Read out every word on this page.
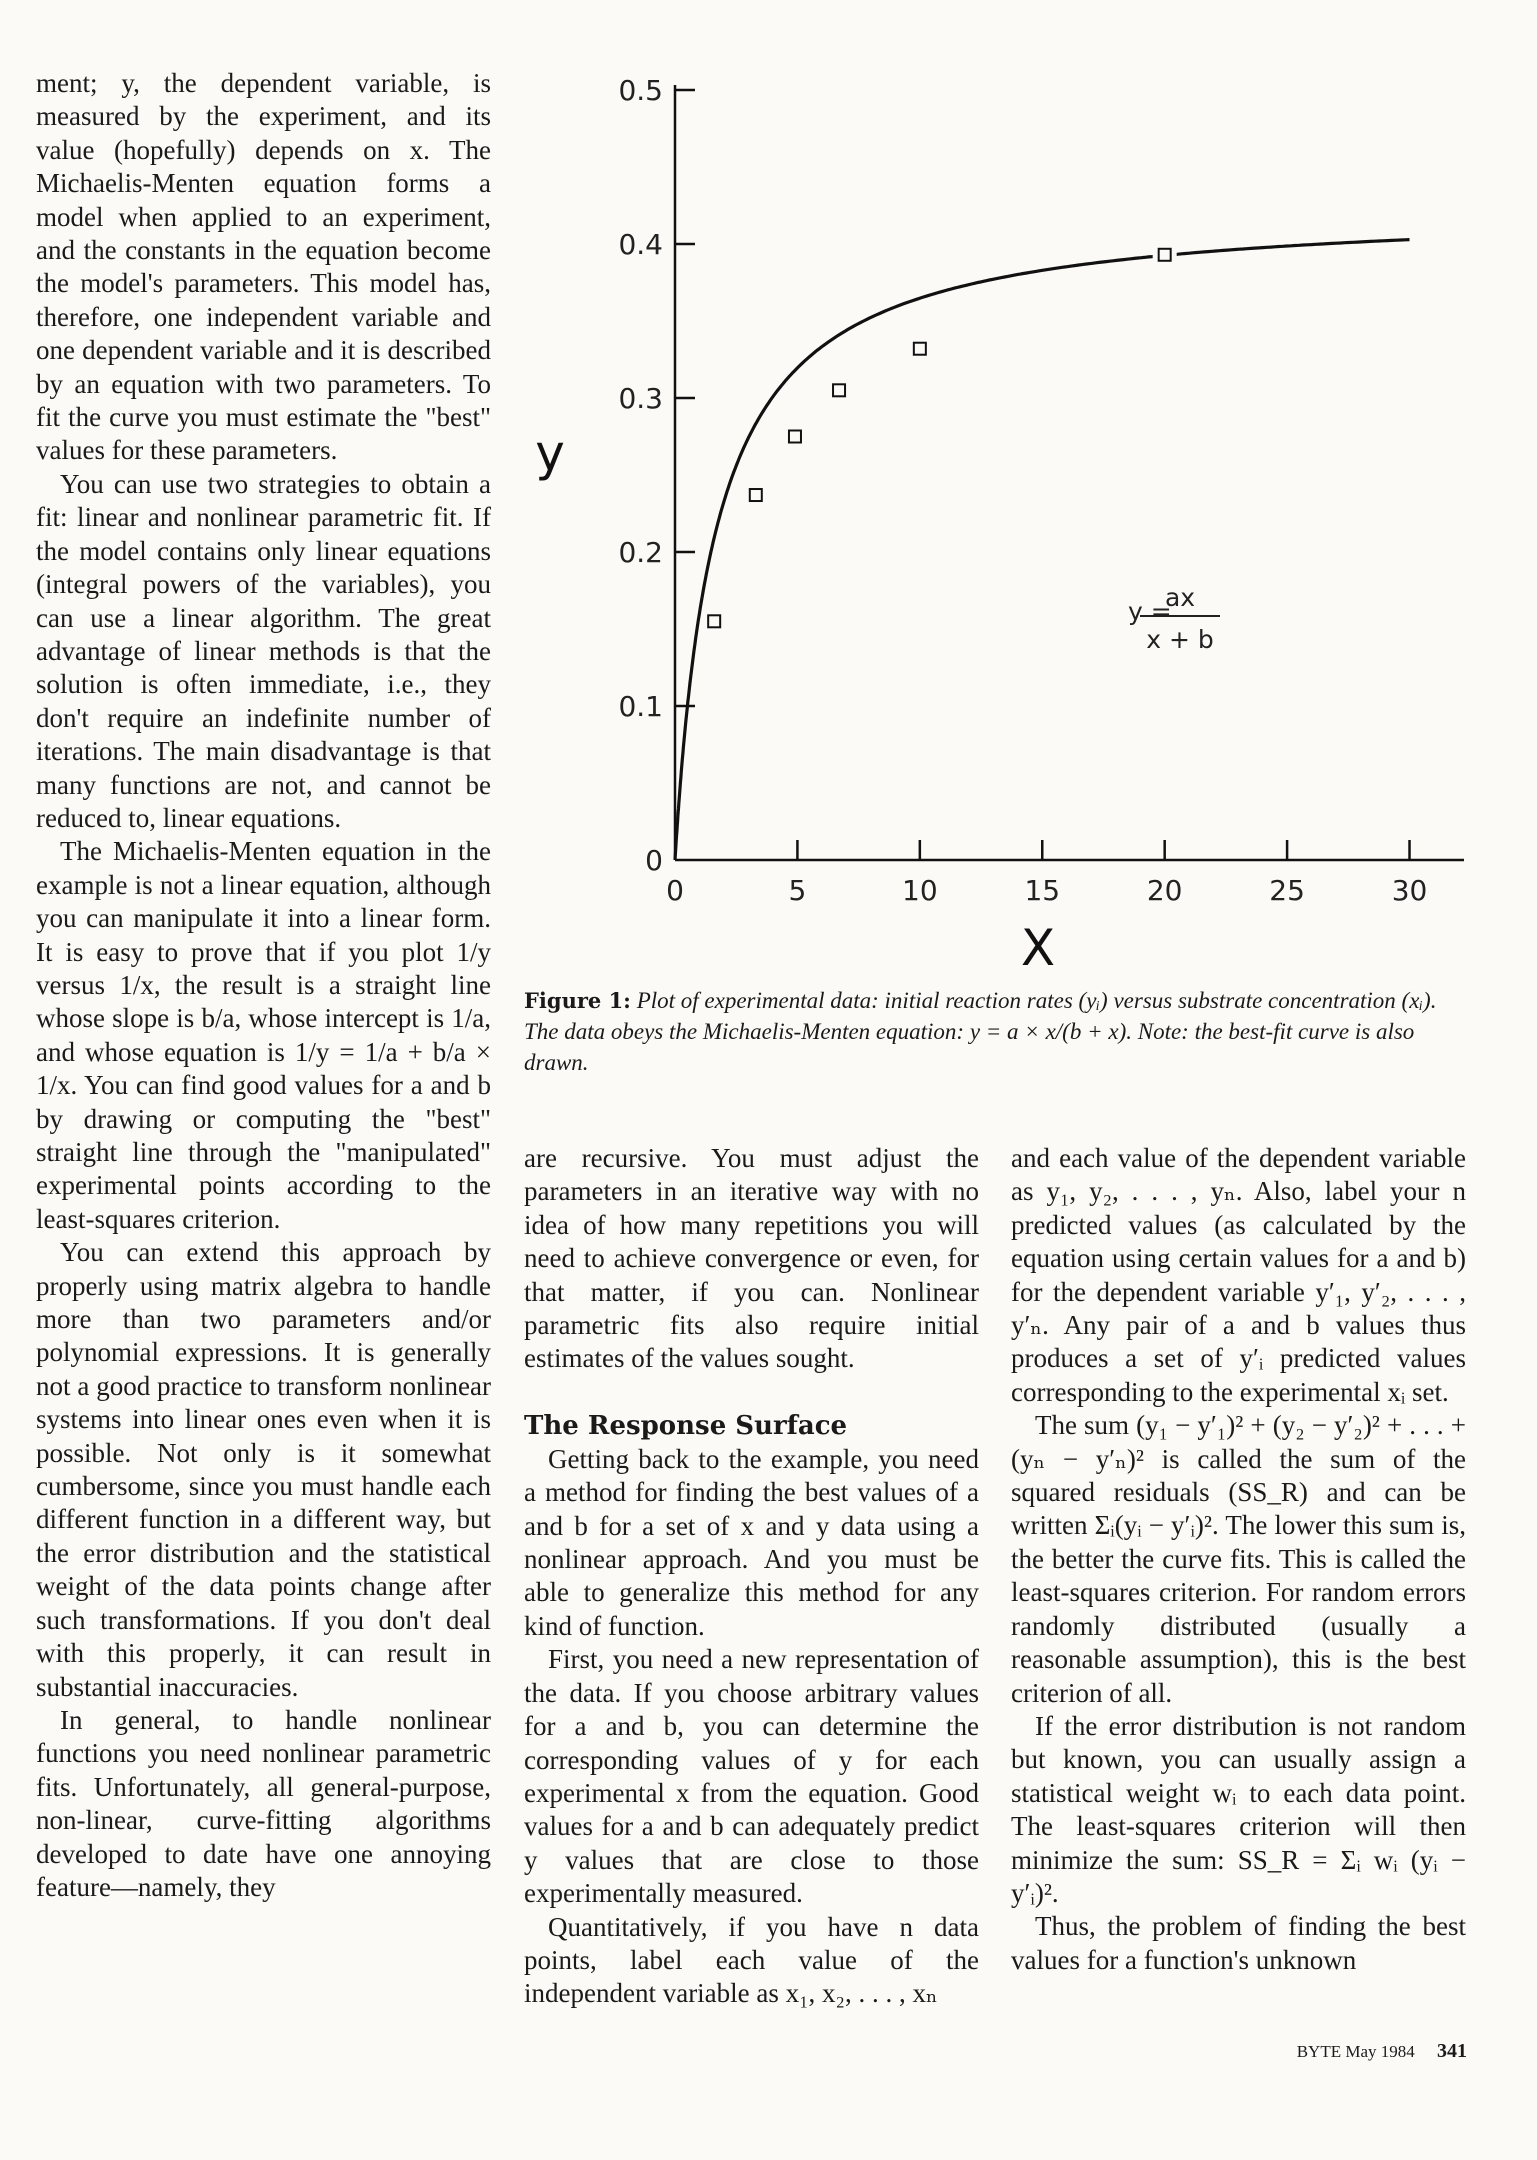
ment; y, the dependent variable, is measured by the experiment, and its value (hopefully) depends on x. The Michaelis-Menten equation forms a model when applied to an experiment, and the constants in the equation become the model's parameters. This model has, therefore, one independent variable and one dependent variable and it is described by an equation with two parameters. To fit the curve you must estimate the "best" values for these parameters.

You can use two strategies to obtain a fit: linear and nonlinear parametric fit. If the model contains only linear equations (integral powers of the variables), you can use a linear algorithm. The great advantage of linear methods is that the solution is often immediate, i.e., they don't require an indefinite number of iterations. The main disadvantage is that many functions are not, and cannot be reduced to, linear equations.

The Michaelis-Menten equation in the example is not a linear equation, although you can manipulate it into a linear form. It is easy to prove that if you plot 1/y versus 1/x, the result is a straight line whose slope is b/a, whose intercept is 1/a, and whose equation is 1/y = 1/a + b/a × 1/x. You can find good values for a and b by drawing or computing the "best" straight line through the "manipulated" experimental points according to the least-squares criterion.

You can extend this approach by properly using matrix algebra to handle more than two parameters and/or polynomial expressions. It is generally not a good practice to transform nonlinear systems into linear ones even when it is possible. Not only is it somewhat cumbersome, since you must handle each different function in a different way, but the error distribution and the statistical weight of the data points change after such transformations. If you don't deal with this properly, it can result in substantial inaccuracies.

In general, to handle nonlinear functions you need nonlinear parametric fits. Unfortunately, all general-purpose, non-linear, curve-fitting algorithms developed to date have one annoying feature—namely, they

0
0.1
0.2
0.3
0.4
0.5
0	5	10	15	20	25	30
y
X
y =
ax
x + b
Figure 1: Plot of experimental data: initial reaction rates (yᵢ) versus substrate concentration (xᵢ). The data obeys the Michaelis-Menten equation: y = a × x/(b + x). Note: the best-fit curve is also drawn.

are recursive. You must adjust the parameters in an iterative way with no idea of how many repetitions you will need to achieve convergence or even, for that matter, if you can. Nonlinear parametric fits also require initial estimates of the values sought.

The Response Surface

Getting back to the example, you need a method for finding the best values of a and b for a set of x and y data using a nonlinear approach. And you must be able to generalize this method for any kind of function.

First, you need a new representation of the data. If you choose arbitrary values for a and b, you can determine the corresponding values of y for each experimental x from the equation. Good values for a and b can adequately predict y values that are close to those experimentally measured.

Quantitatively, if you have n data points, label each value of the independent variable as x₁, x₂, . . . , xₙ

and each value of the dependent variable as y₁, y₂, . . . , yₙ. Also, label your n predicted values (as calculated by the equation using certain values for a and b) for the dependent variable y′₁, y′₂, . . . , y′ₙ. Any pair of a and b values thus produces a set of y′ᵢ predicted values corresponding to the experimental xᵢ set.

The sum (y₁ − y′₁)² + (y₂ − y′₂)² + . . . + (yₙ − y′ₙ)² is called the sum of the squared residuals (SS_R) and can be written Σᵢ(yᵢ − y′ᵢ)². The lower this sum is, the better the curve fits. This is called the least-squares criterion. For random errors randomly distributed (usually a reasonable assumption), this is the best criterion of all.

If the error distribution is not random but known, you can usually assign a statistical weight wᵢ to each data point. The least-squares criterion will then minimize the sum: SS_R = Σᵢ wᵢ (yᵢ − y′ᵢ)².

Thus, the problem of finding the best values for a function's unknown

BYTE May 1984 341
